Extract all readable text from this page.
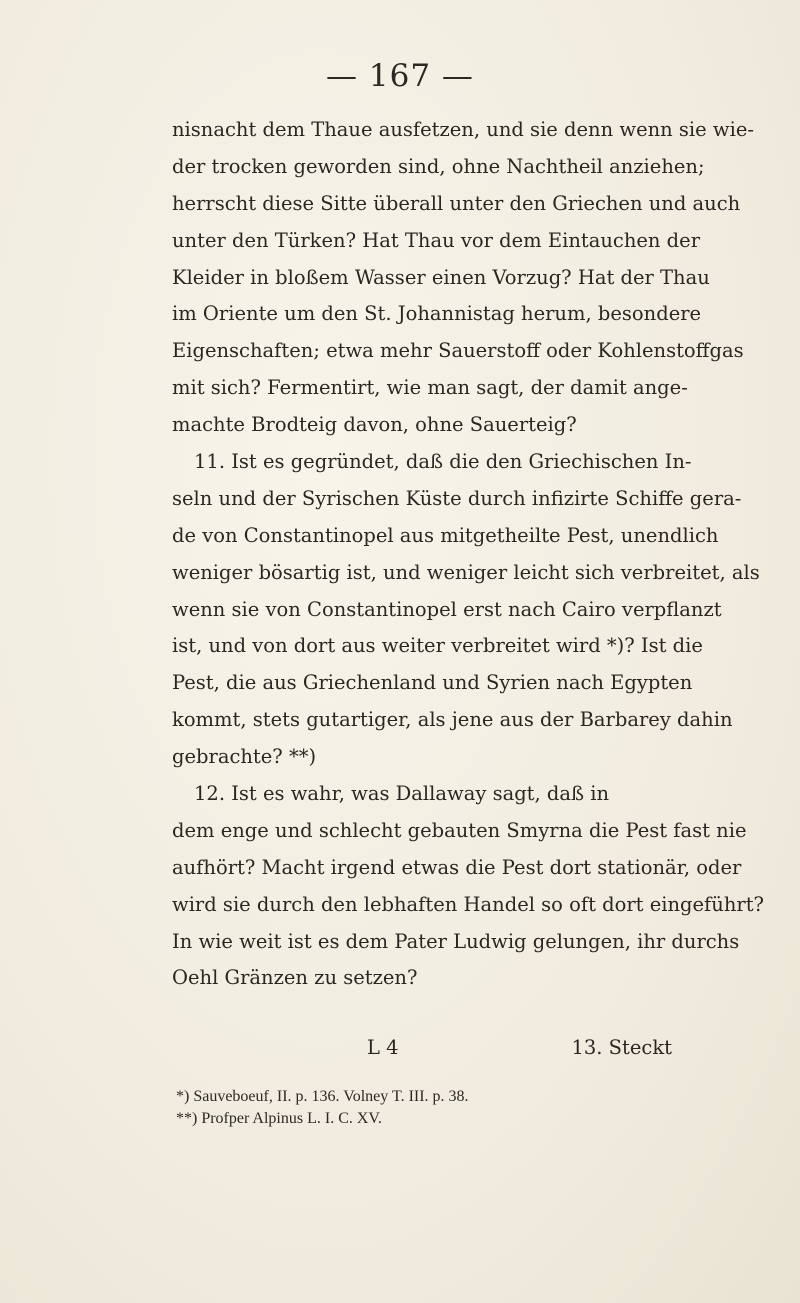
— 167 —
nisnacht dem Thaue ausfetzen, und sie denn wenn sie wie-
der trocken geworden sind, ohne Nachtheil anziehen;
herrscht diese Sitte überall unter den Griechen und auch
unter den Türken? Hat Thau vor dem Eintauchen der
Kleider in bloßem Wasser einen Vorzug? Hat der Thau
im Oriente um den St. Johannistag herum, besondere
Eigenschaften; etwa mehr Sauerstoff oder Kohlenstoffgas
mit sich? Fermentirt, wie man sagt, der damit ange-
machte Brodteig davon, ohne Sauerteig?
11. Ist es gegründet, daß die den Griechischen In-
seln und der Syrischen Küste durch infizirte Schiffe gera-
de von Constantinopel aus mitgetheilte Pest, unendlich
weniger bösartig ist, und weniger leicht sich verbreitet, als
wenn sie von Constantinopel erst nach Cairo verpflanzt
ist, und von dort aus weiter verbreitet wird *)? Ist die
Pest, die aus Griechenland und Syrien nach Egypten
kommt, stets gutartiger, als jene aus der Barbarey dahin
gebrachte? **)
12. Ist es wahr, was Dallaway sagt, daß in
dem enge und schlecht gebauten Smyrna die Pest fast nie
aufhört? Macht irgend etwas die Pest dort stationär, oder
wird sie durch den lebhaften Handel so oft dort eingeführt?
In wie weit ist es dem Pater Ludwig gelungen, ihr durchs
Oehl Gränzen zu setzen?
L 4	13. Steckt
*) Sauveboeuf, II. p. 136. Volney T. III. p. 38.
**) Profper Alpinus L. I. C. XV.
